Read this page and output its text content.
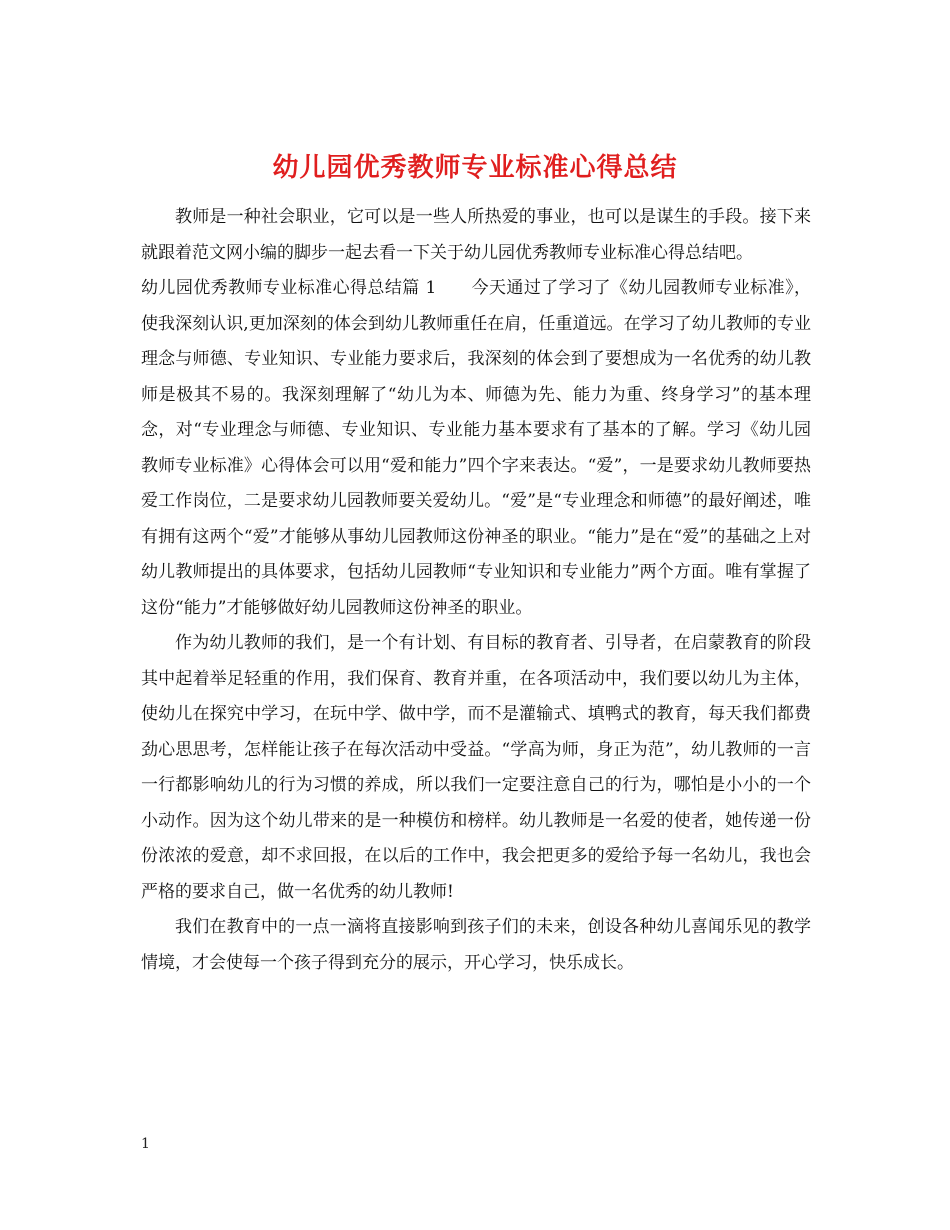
幼儿园优秀教师专业标准心得总结

教师是一种社会职业，它可以是一些人所热爱的事业，也可以是谋生的手段。接下来就跟着范文网小编的脚步一起去看一下关于幼儿园优秀教师专业标准心得总结吧。

幼儿园优秀教师专业标准心得总结篇 1　　今天通过了学习了《幼儿园教师专业标准》，使我深刻认识,更加深刻的体会到幼儿教师重任在肩，任重道远。在学习了幼儿教师的专业理念与师德、专业知识、专业能力要求后，我深刻的体会到了要想成为一名优秀的幼儿教师是极其不易的。我深刻理解了“幼儿为本、师德为先、能力为重、终身学习”的基本理念，对“专业理念与师德、专业知识、专业能力基本要求有了基本的了解。学习《幼儿园教师专业标准》心得体会可以用“爱和能力”四个字来表达。“爱”，一是要求幼儿教师要热爱工作岗位，二是要求幼儿园教师要关爱幼儿。“爱”是“专业理念和师德”的最好阐述，唯有拥有这两个“爱”才能够从事幼儿园教师这份神圣的职业。“能力”是在“爱”的基础之上对幼儿教师提出的具体要求，包括幼儿园教师“专业知识和专业能力”两个方面。唯有掌握了这份“能力”才能够做好幼儿园教师这份神圣的职业。

作为幼儿教师的我们，是一个有计划、有目标的教育者、引导者，在启蒙教育的阶段其中起着举足轻重的作用，我们保育、教育并重，在各项活动中，我们要以幼儿为主体，使幼儿在探究中学习，在玩中学、做中学，而不是灌输式、填鸭式的教育，每天我们都费劲心思思考，怎样能让孩子在每次活动中受益。“学高为师，身正为范”，幼儿教师的一言一行都影响幼儿的行为习惯的养成，所以我们一定要注意自己的行为，哪怕是小小的一个小动作。因为这个幼儿带来的是一种模仿和榜样。幼儿教师是一名爱的使者，她传递一份份浓浓的爱意，却不求回报，在以后的工作中，我会把更多的爱给予每一名幼儿，我也会严格的要求自己，做一名优秀的幼儿教师!

我们在教育中的一点一滴将直接影响到孩子们的未来，创设各种幼儿喜闻乐见的教学情境，才会使每一个孩子得到充分的展示，开心学习，快乐成长。

1
